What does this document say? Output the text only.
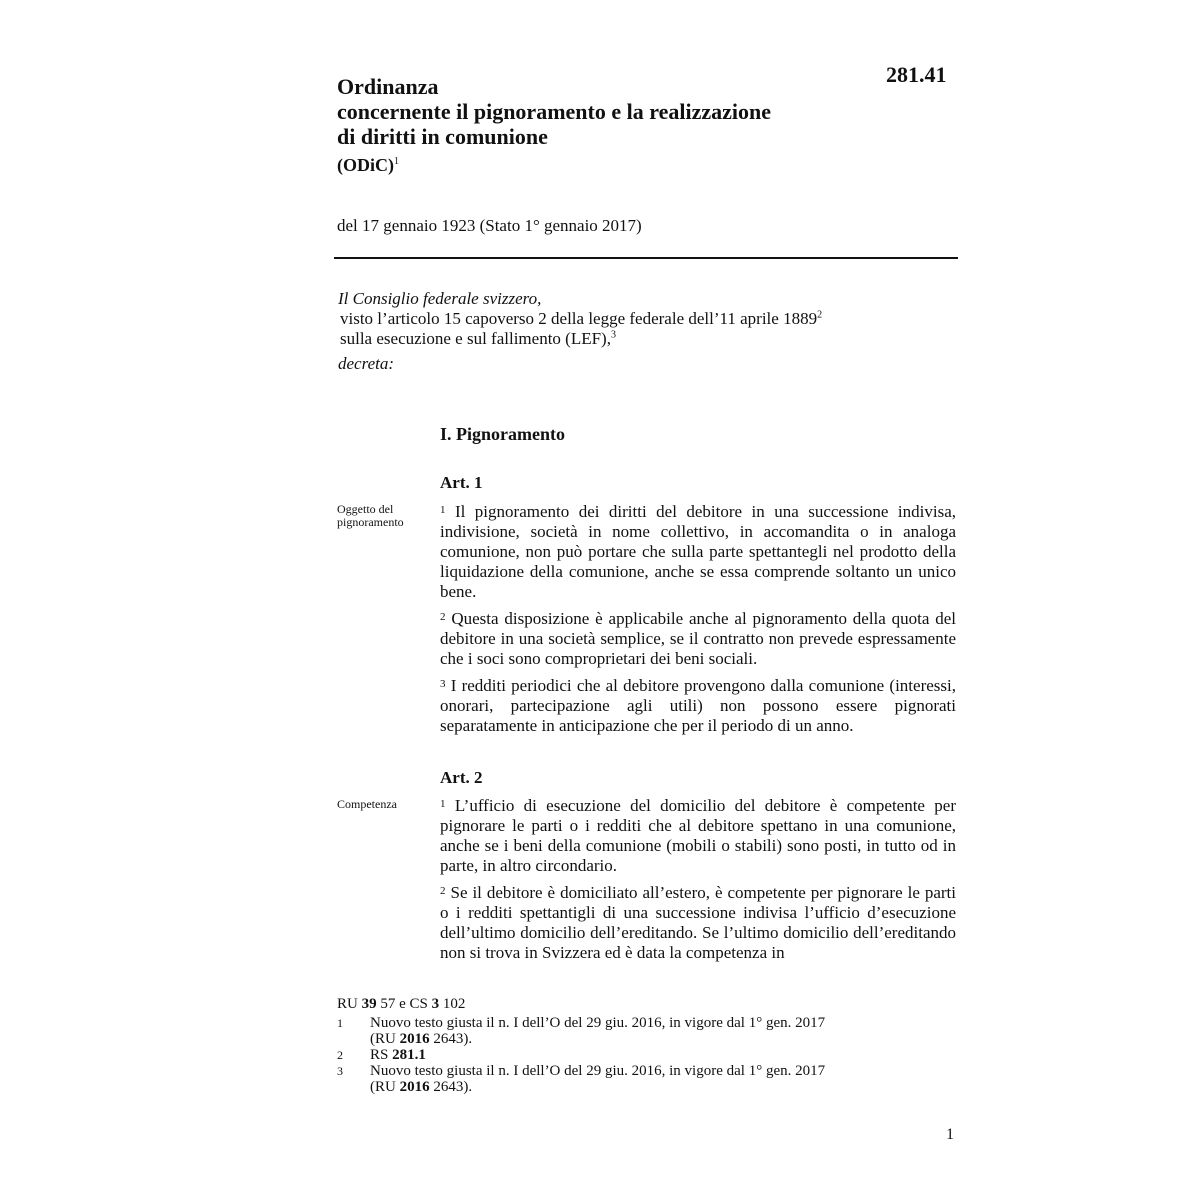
281.41
Ordinanza
concernente il pignoramento e la realizzazione
di diritti in comunione
(ODiC)$^1$
del 17 gennaio 1923 (Stato 1° gennaio 2017)
Il Consiglio federale svizzero,
visto l’articolo 15 capoverso 2 della legge federale dell’11 aprile 1889$^2$
sulla esecuzione e sul fallimento (LEF),$^3$
decreta:
I. Pignoramento
Art. 1
Oggetto del
pignoramento

$^1$ Il pignoramento dei diritti del debitore in una successione indivisa, indivisione, società in nome collettivo, in accomandita o in analoga comunione, non può portare che sulla parte spettantegli nel prodotto della liquidazione della comunione, anche se essa comprende soltanto un unico bene.

$^2$ Questa disposizione è applicabile anche al pignoramento della quota del debitore in una società semplice, se il contratto non prevede espressamente che i soci sono comproprietari dei beni sociali.

$^3$ I redditi periodici che al debitore provengono dalla comunione (interessi, onorari, partecipazione agli utili) non possono essere pignorati separatamente in anticipazione che per il periodo di un anno.

Art. 2
Competenza	$^1$ L’ufficio di esecuzione del domicilio del debitore è competente per pignorare le parti o i redditi che al debitore spettano in una comunione, anche se i beni della comunione (mobili o stabili) sono posti, in tutto od in parte, in altro circondario.

$^2$ Se il debitore è domiciliato all’estero, è competente per pignorare le parti o i redditi spettantigli di una successione indivisa l’ufficio d’esecuzione dell’ultimo domicilio dell’ereditando. Se l’ultimo domicilio dell’ereditando non si trova in Svizzera ed è data la competenza in

RU 39 57 e CS 3 102
1	Nuovo testo giusta il n. I dell’O del 29 giu. 2016, in vigore dal 1° gen. 2017
(RU 2016 2643).
2	RS 281.1
3	Nuovo testo giusta il n. I dell’O del 29 giu. 2016, in vigore dal 1° gen. 2017
(RU 2016 2643).
1
